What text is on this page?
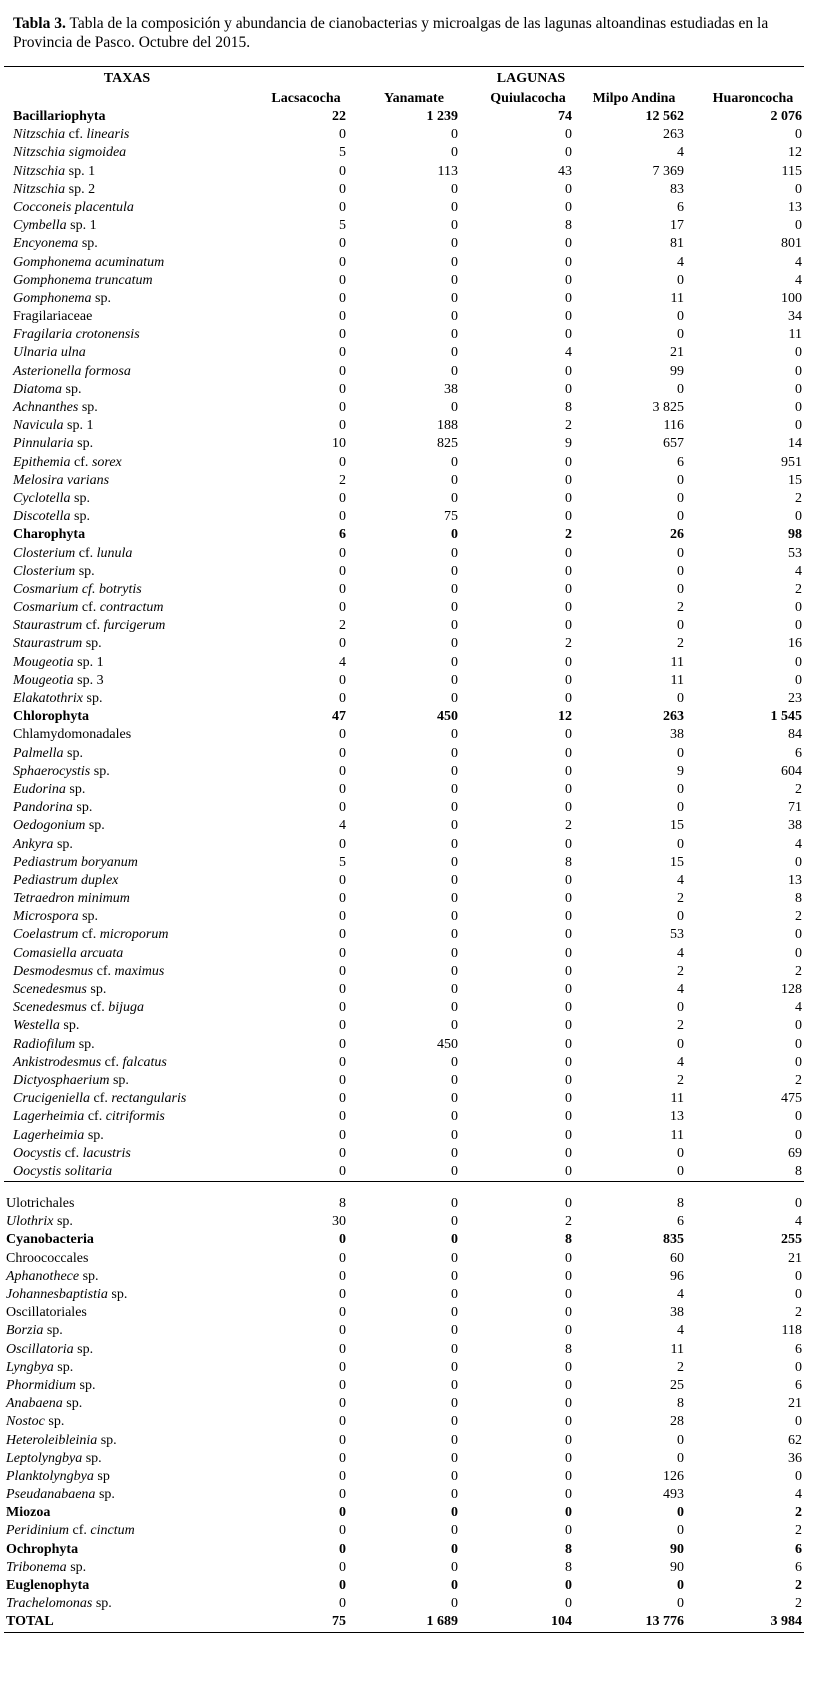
Tabla 3. Tabla de la composición y abundancia de cianobacterias y microalgas de las lagunas altoandinas estudiadas en la Provincia de Pasco. Octubre del 2015.
TAXAS	LAGUNAS
Lacsacocha	Yanamate	Quiulacocha	Milpo Andina	Huaroncocha
Bacillariophyta	22	1 239	74	12 562	2 076
Nitzschia cf. linearis	0	0	0	263	0
Nitzschia sigmoidea	5	0	0	4	12
Nitzschia sp. 1	0	113	43	7 369	115
Nitzschia sp. 2	0	0	0	83	0
Cocconeis placentula	0	0	0	6	13
Cymbella sp. 1	5	0	8	17	0
Encyonema sp.	0	0	0	81	801
Gomphonema acuminatum	0	0	0	4	4
Gomphonema truncatum	0	0	0	0	4
Gomphonema sp.	0	0	0	11	100
Fragilariaceae	0	0	0	0	34
Fragilaria crotonensis	0	0	0	0	11
Ulnaria ulna	0	0	4	21	0
Asterionella formosa	0	0	0	99	0
Diatoma sp.	0	38	0	0	0
Achnanthes sp.	0	0	8	3 825	0
Navicula sp. 1	0	188	2	116	0
Pinnularia sp.	10	825	9	657	14
Epithemia cf. sorex	0	0	0	6	951
Melosira varians	2	0	0	0	15
Cyclotella sp.	0	0	0	0	2
Discotella sp.	0	75	0	0	0
Charophyta	6	0	2	26	98
Closterium cf. lunula	0	0	0	0	53
Closterium sp.	0	0	0	0	4
Cosmarium cf. botrytis	0	0	0	0	2
Cosmarium cf. contractum	0	0	0	2	0
Staurastrum cf. furcigerum	2	0	0	0	0
Staurastrum sp.	0	0	2	2	16
Mougeotia sp. 1	4	0	0	11	0
Mougeotia sp. 3	0	0	0	11	0
Elakatothrix sp.	0	0	0	0	23
Chlorophyta	47	450	12	263	1 545
Chlamydomonadales	0	0	0	38	84
Palmella sp.	0	0	0	0	6
Sphaerocystis sp.	0	0	0	9	604
Eudorina sp.	0	0	0	0	2
Pandorina sp.	0	0	0	0	71
Oedogonium sp.	4	0	2	15	38
Ankyra sp.	0	0	0	0	4
Pediastrum boryanum	5	0	8	15	0
Pediastrum duplex	0	0	0	4	13
Tetraedron minimum	0	0	0	2	8
Microspora sp.	0	0	0	0	2
Coelastrum cf. microporum	0	0	0	53	0
Comasiella arcuata	0	0	0	4	0
Desmodesmus cf. maximus	0	0	0	2	2
Scenedesmus sp.	0	0	0	4	128
Scenedesmus cf. bijuga	0	0	0	0	4
Westella sp.	0	0	0	2	0
Radiofilum sp.	0	450	0	0	0
Ankistrodesmus cf. falcatus	0	0	0	4	0
Dictyosphaerium sp.	0	0	0	2	2
Crucigeniella cf. rectangularis	0	0	0	11	475
Lagerheimia cf. citriformis	0	0	0	13	0
Lagerheimia sp.	0	0	0	11	0
Oocystis cf. lacustris	0	0	0	0	69
Oocystis solitaria	0	0	0	0	8
Ulotrichales	8	0	0	8	0
Ulothrix sp.	30	0	2	6	4
Cyanobacteria	0	0	8	835	255
Chroococcales	0	0	0	60	21
Aphanothece sp.	0	0	0	96	0
Johannesbaptistia sp.	0	0	0	4	0
Oscillatoriales	0	0	0	38	2
Borzia sp.	0	0	0	4	118
Oscillatoria sp.	0	0	8	11	6
Lyngbya sp.	0	0	0	2	0
Phormidium sp.	0	0	0	25	6
Anabaena sp.	0	0	0	8	21
Nostoc sp.	0	0	0	28	0
Heteroleibleinia sp.	0	0	0	0	62
Leptolyngbya sp.	0	0	0	0	36
Planktolyngbya sp	0	0	0	126	0
Pseudanabaena sp.	0	0	0	493	4
Miozoa	0	0	0	0	2
Peridinium cf. cinctum	0	0	0	0	2
Ochrophyta	0	0	8	90	6
Tribonema sp.	0	0	8	90	6
Euglenophyta	0	0	0	0	2
Trachelomonas sp.	0	0	0	0	2
TOTAL	75	1 689	104	13 776	3 984
